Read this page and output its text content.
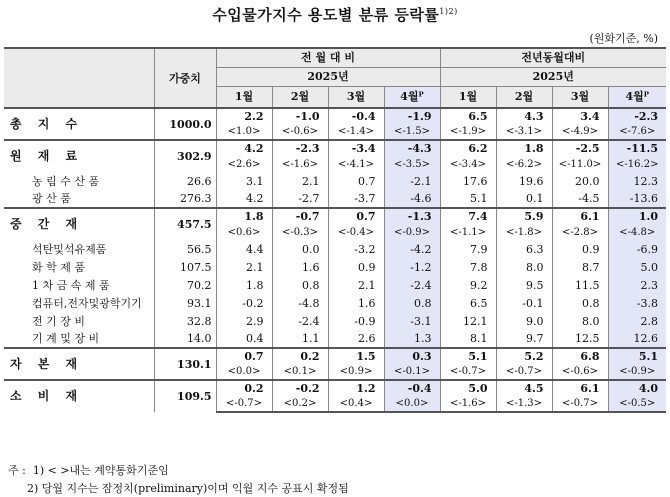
수입물가지수 용도별 분류 등락률$^{1)2)}$
(원화기준, %)
	가중치	전 월 대 비				전년동월대비			
		2025년				2025년			
		1월	2월	3월	4월ᴾ	1월	2월	3월	4월ᴾ

총 지 수	1000.0	2.2	-1.0	-0.4	-1.9	6.5	4.3	3.4	-2.3
		<1.0>	<-0.6>	<-1.4>	<-1.5>	<-1.9>	<-3.1>	<-4.9>	<-7.6>

원 재 료	302.9	4.2	-2.3	-3.4	-4.3	6.2	1.8	-2.5	-11.5
		<2.6>	<-1.6>	<-4.1>	<-3.5>	<-3.4>	<-6.2>	<-11.0>	<-16.2>

농 림 수 산 품	26.6	3.1	2.1	0.7	-2.1	17.6	19.6	20.0	12.3

광 산 품	276.3	4.2	-2.7	-3.7	-4.6	5.1	0.1	-4.5	-13.6

중 간 재	457.5	1.8	-0.7	0.7	-1.3	7.4	5.9	6.1	1.0
		<0.6>	<-0.3>	<-0.4>	<-0.9>	<-1.1>	<-1.8>	<-2.8>	<-4.8>

석탄및석유제품	56.5	4.4	0.0	-3.2	-4.2	7.9	6.3	0.9	-6.9

화 학 제 품	107.5	2.1	1.6	0.9	-1.2	7.8	8.0	8.7	5.0

1 차 금 속 제 품	70.2	1.8	0.8	2.1	-2.4	9.2	9.5	11.5	2.3

컴퓨터,전자및광학기기	93.1	-0.2	-4.8	1.6	0.8	6.5	-0.1	0.8	-3.8

전 기 장 비	32.8	2.9	-2.4	-0.9	-3.1	12.1	9.0	8.0	2.8

기 계 및 장 비	14.0	0.4	1.1	2.6	1.3	8.1	9.7	12.5	12.6

자 본 재	130.1	0.7	0.2	1.5	0.3	5.1	5.2	6.8	5.1
		<0.0>	<0.1>	<0.9>	<-0.1>	<-0.7>	<-0.7>	<-0.6>	<-0.9>

소 비 재	109.5	0.2	-0.2	1.2	-0.4	5.0	4.5	6.1	4.0
		<-0.7>	<0.2>	<0.4>	<0.0>	<-1.6>	<-1.3>	<-0.7>	<-0.5>
주 : 1) < >내는 계약통화기준임
2) 당월 지수는 잠정치(preliminary)이며 익월 지수 공표시 확정됨
